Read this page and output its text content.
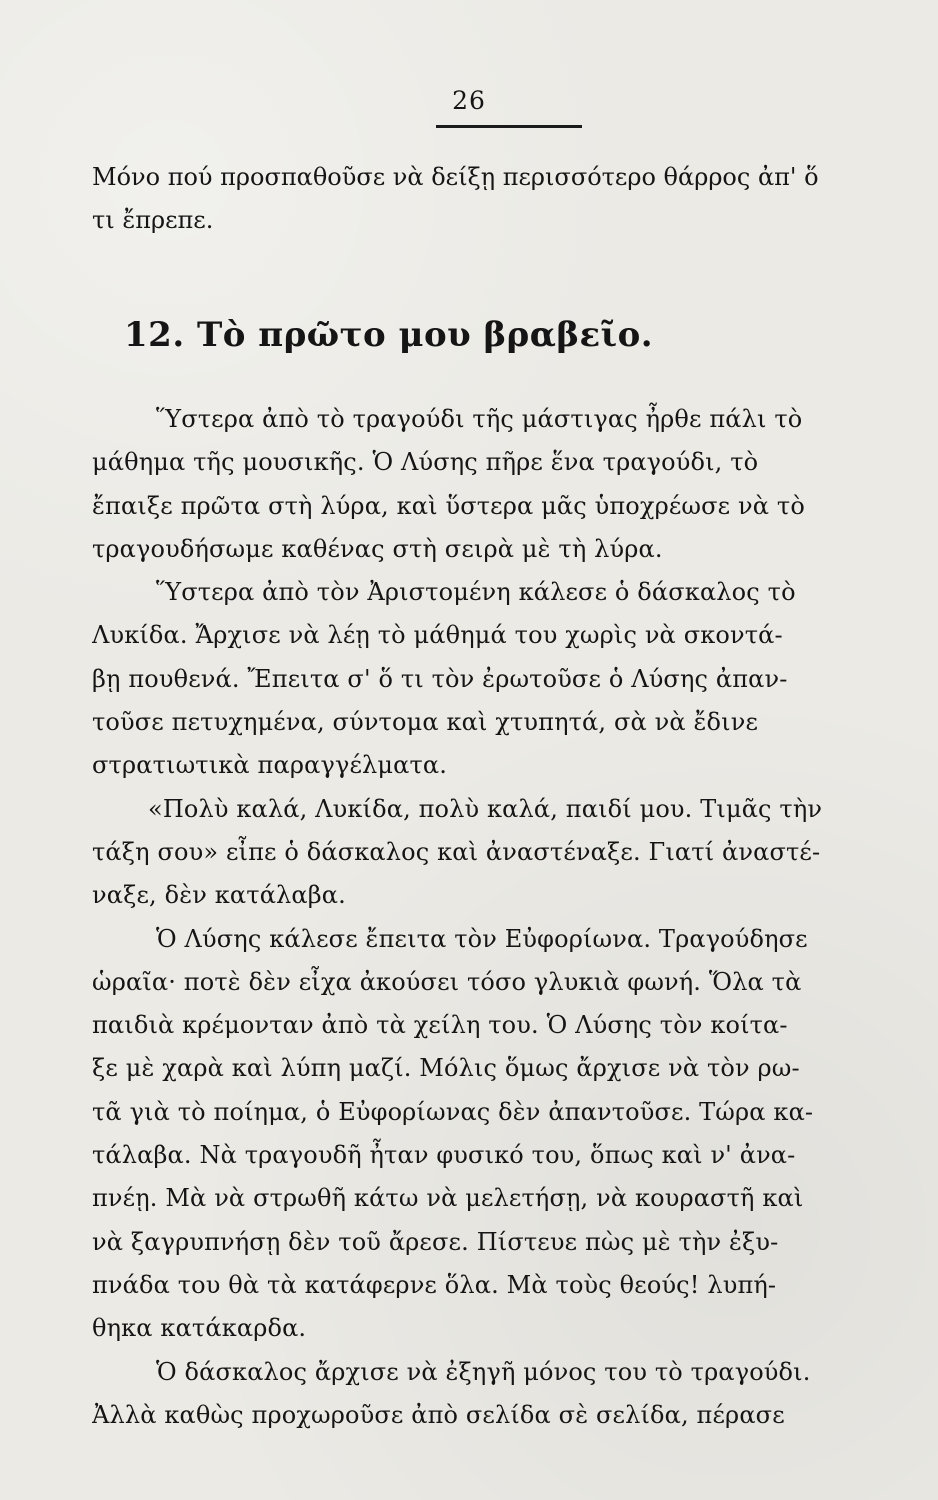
26
Μόνο πού προσπαθοῦσε νὰ δείξῃ περισσότερο θάρρος ἀπ' ὅ
τι ἔπρεπε.
12. Τὸ πρῶτο μου βραβεῖο.
Ὕστερα ἀπὸ τὸ τραγούδι τῆς μάστιγας ἦρθε πάλι τὸ
μάθημα τῆς μουσικῆς. Ὁ Λύσης πῆρε ἕνα τραγούδι, τὸ
ἔπαιξε πρῶτα στὴ λύρα, καὶ ὕστερα μᾶς ὑποχρέωσε νὰ τὸ
τραγουδήσωμε καθένας στὴ σειρὰ μὲ τὴ λύρα.
Ὕστερα ἀπὸ τὸν Ἀριστομένη κάλεσε ὁ δάσκαλος τὸ
Λυκίδα. Ἄρχισε νὰ λέῃ τὸ μάθημά του χωρὶς νὰ σκοντά-
βῃ πουθενά. Ἔπειτα σ' ὅ τι τὸν ἐρωτοῦσε ὁ Λύσης ἀπαν-
τοῦσε πετυχημένα, σύντομα καὶ χτυπητά, σὰ νὰ ἔδινε
στρατιωτικὰ παραγγέλματα.
«Πολὺ καλά, Λυκίδα, πολὺ καλά, παιδί μου. Τιμᾶς τὴν
τάξη σου» εἶπε ὁ δάσκαλος καὶ ἀναστέναξε. Γιατί ἀναστέ-
ναξε, δὲν κατάλαβα.
Ὁ Λύσης κάλεσε ἔπειτα τὸν Εὐφορίωνα. Τραγούδησε
ὡραῖα· ποτὲ δὲν εἶχα ἀκούσει τόσο γλυκιὰ φωνή. Ὅλα τὰ
παιδιὰ κρέμονταν ἀπὸ τὰ χείλη του. Ὁ Λύσης τὸν κοίτα-
ξε μὲ χαρὰ καὶ λύπη μαζί. Μόλις ὅμως ἄρχισε νὰ τὸν ρω-
τᾶ γιὰ τὸ ποίημα, ὁ Εὐφορίωνας δὲν ἀπαντοῦσε. Τώρα κα-
τάλαβα. Νὰ τραγουδῆ ἦταν φυσικό του, ὅπως καὶ ν' ἀνα-
πνέῃ. Μὰ νὰ στρωθῆ κάτω νὰ μελετήσῃ, νὰ κουραστῆ καὶ
νὰ ξαγρυπνήσῃ δὲν τοῦ ἄρεσε. Πίστευε πὼς μὲ τὴν ἐξυ-
πνάδα του θὰ τὰ κατάφερνε ὅλα. Μὰ τοὺς θεούς! λυπή-
θηκα κατάκαρδα.
Ὁ δάσκαλος ἄρχισε νὰ ἐξηγῆ μόνος του τὸ τραγούδι.
Ἀλλὰ καθὼς προχωροῦσε ἀπὸ σελίδα σὲ σελίδα, πέρασε
